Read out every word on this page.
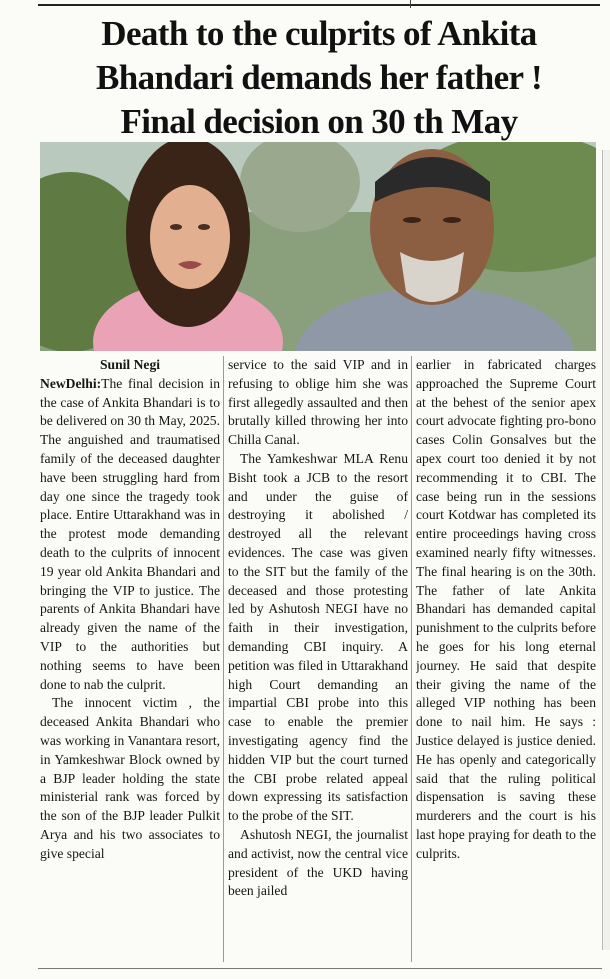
Death to the culprits of Ankita
Bhandari demands her father !
Final decision on 30 th May

Sunil Negi

NewDelhi:The final decision in the case of Ankita Bhandari is to be delivered on 30 th May, 2025. The anguished and traumatised family of the deceased daughter have been struggling hard from day one since the tragedy took place. Entire Uttarakhand was in the protest mode demanding death to the culprits of innocent 19 year old Ankita Bhandari and bringing the VIP to justice. The parents of Ankita Bhandari have already given the name of the VIP to the authorities but nothing seems to have been done to nab the culprit.

The innocent victim , the deceased Ankita Bhandari who was working in Vanantara resort, in Yamkeshwar Block owned by a BJP leader holding the state ministerial rank was forced by the son of the BJP leader Pulkit Arya and his two associates to give special

service to the said VIP and in refusing to oblige him she was first allegedly assaulted and then brutally killed throwing her into Chilla Canal.

The Yamkeshwar MLA Renu Bisht took a JCB to the resort and under the guise of destroying it abolished / destroyed all the relevant evidences. The case was given to the SIT but the family of the deceased and those protesting led by Ashutosh NEGI have no faith in their investigation, demanding CBI inquiry. A petition was filed in Uttarakhand high Court demanding an impartial CBI probe into this case to enable the premier investigating agency find the hidden VIP but the court turned the CBI probe related appeal down expressing its satisfaction to the probe of the SIT.

Ashutosh NEGI, the journalist and activist, now the central vice president of the UKD having been jailed

earlier in fabricated charges approached the Supreme Court at the behest of the senior apex court advocate fighting pro-bono cases Colin Gonsalves but the apex court too denied it by not recommending it to CBI. The case being run in the sessions court Kotdwar has completed its entire proceedings having cross examined nearly fifty witnesses. The final hearing is on the 30th. The father of late Ankita Bhandari has demanded capital punishment to the culprits before he goes for his long eternal journey. He said that despite their giving the name of the alleged VIP nothing has been done to nail him. He says : Justice delayed is justice denied. He has openly and categorically said that the ruling political dispensation is saving these murderers and the court is his last hope praying for death to the culprits.
